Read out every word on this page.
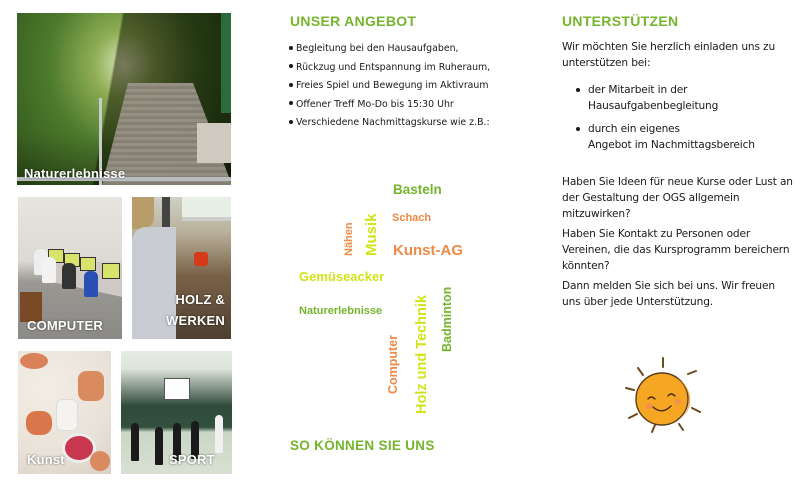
Naturerlebnisse
COMPUTER
HOLZ &
WERKEN
Kunst	SPORT
UNSER ANGEBOT
Begleitung bei den Hausaufgaben,
Rückzug und Entspannung im Ruheraum,
Freies Spiel und Bewegung im Aktivraum
Offener Treff Mo-Do bis 15:30 Uhr
Verschiedene Nachmittagskurse wie z.B.:
Basteln
Schach
Nähen Musik Kunst-AG
Gemüseacker
Naturerlebnisse
Computer Holz und Technik Badminton
SO KÖNNEN SIE UNS
UNTERSTÜTZEN
Wir möchten Sie herzlich einladen uns zu unterstützen bei:
der Mitarbeit in der
Hausaufgabenbegleitung
durch ein eigenes
Angebot im Nachmittagsbereich
Haben Sie Ideen für neue Kurse oder Lust an der Gestaltung der OGS allgemein mitzuwirken?
Haben Sie Kontakt zu Personen oder Vereinen, die das Kursprogramm bereichern könnten?
Dann melden Sie sich bei uns. Wir freuen uns über jede Unterstützung.
